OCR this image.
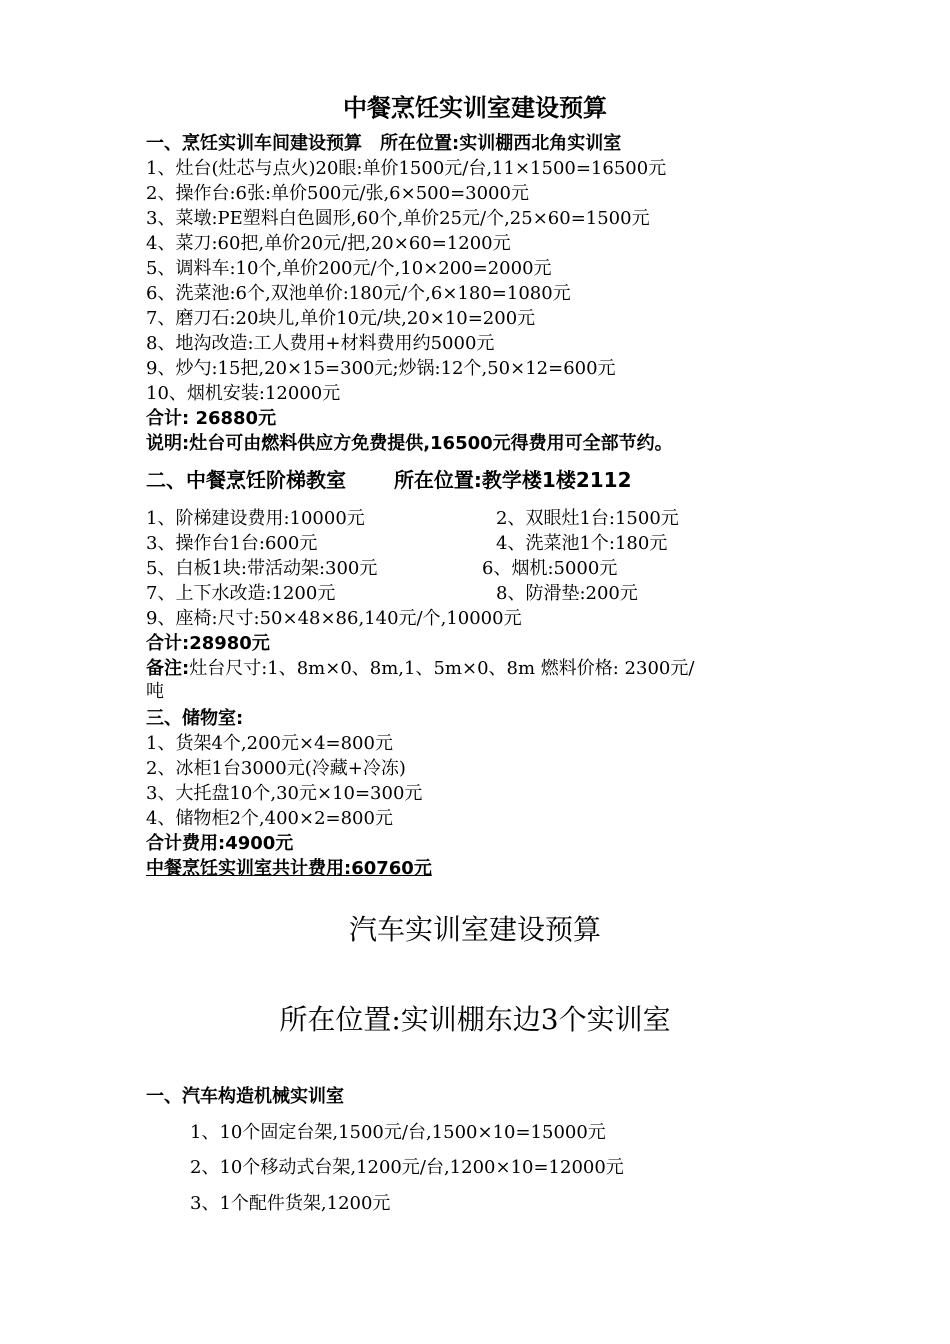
中餐烹饪实训室建设预算
一、烹饪实训车间建设预算　所在位置:实训棚西北角实训室
1、灶台(灶芯与点火)20眼:单价1500元/台,11×1500=16500元
2、操作台:6张:单价500元/张,6×500=3000元
3、菜墩:PE塑料白色圆形,60个,单价25元/个,25×60=1500元
4、菜刀:60把,单价20元/把,20×60=1200元
5、调料车:10个,单价200元/个,10×200=2000元
6、洗菜池:6个,双池单价:180元/个,6×180=1080元
7、磨刀石:20块儿,单价10元/块,20×10=200元
8、地沟改造:工人费用+材料费用约5000元
9、炒勺:15把,20×15=300元;炒锅:12个,50×12=600元
10、烟机安装:12000元
合计: 26880元
说明:灶台可由燃料供应方免费提供,16500元得费用可全部节约。
二、中餐烹饪阶梯教室 所在位置:教学楼1楼2112
1、阶梯建设费用:10000元	2、双眼灶1台:1500元
3、操作台1台:600元	4、洗菜池1个:180元
5、白板1块:带活动架:300元	6、烟机:5000元
7、上下水改造:1200元	8、防滑垫:200元
9、座椅:尺寸:50×48×86,140元/个,10000元
合计:28980元
备注:灶台尺寸:1、8m×0、8m,1、5m×0、8m 燃料价格: 2300元/
吨
三、储物室:
1、货架4个,200元×4=800元
2、冰柜1台3000元(冷藏+冷冻)
3、大托盘10个,30元×10=300元
4、储物柜2个,400×2=800元
合计费用:4900元
中餐烹饪实训室共计费用:60760元
汽车实训室建设预算
所在位置:实训棚东边3个实训室
一、汽车构造机械实训室
1、10个固定台架,1500元/台,1500×10=15000元
2、10个移动式台架,1200元/台,1200×10=12000元
3、1个配件货架,1200元
